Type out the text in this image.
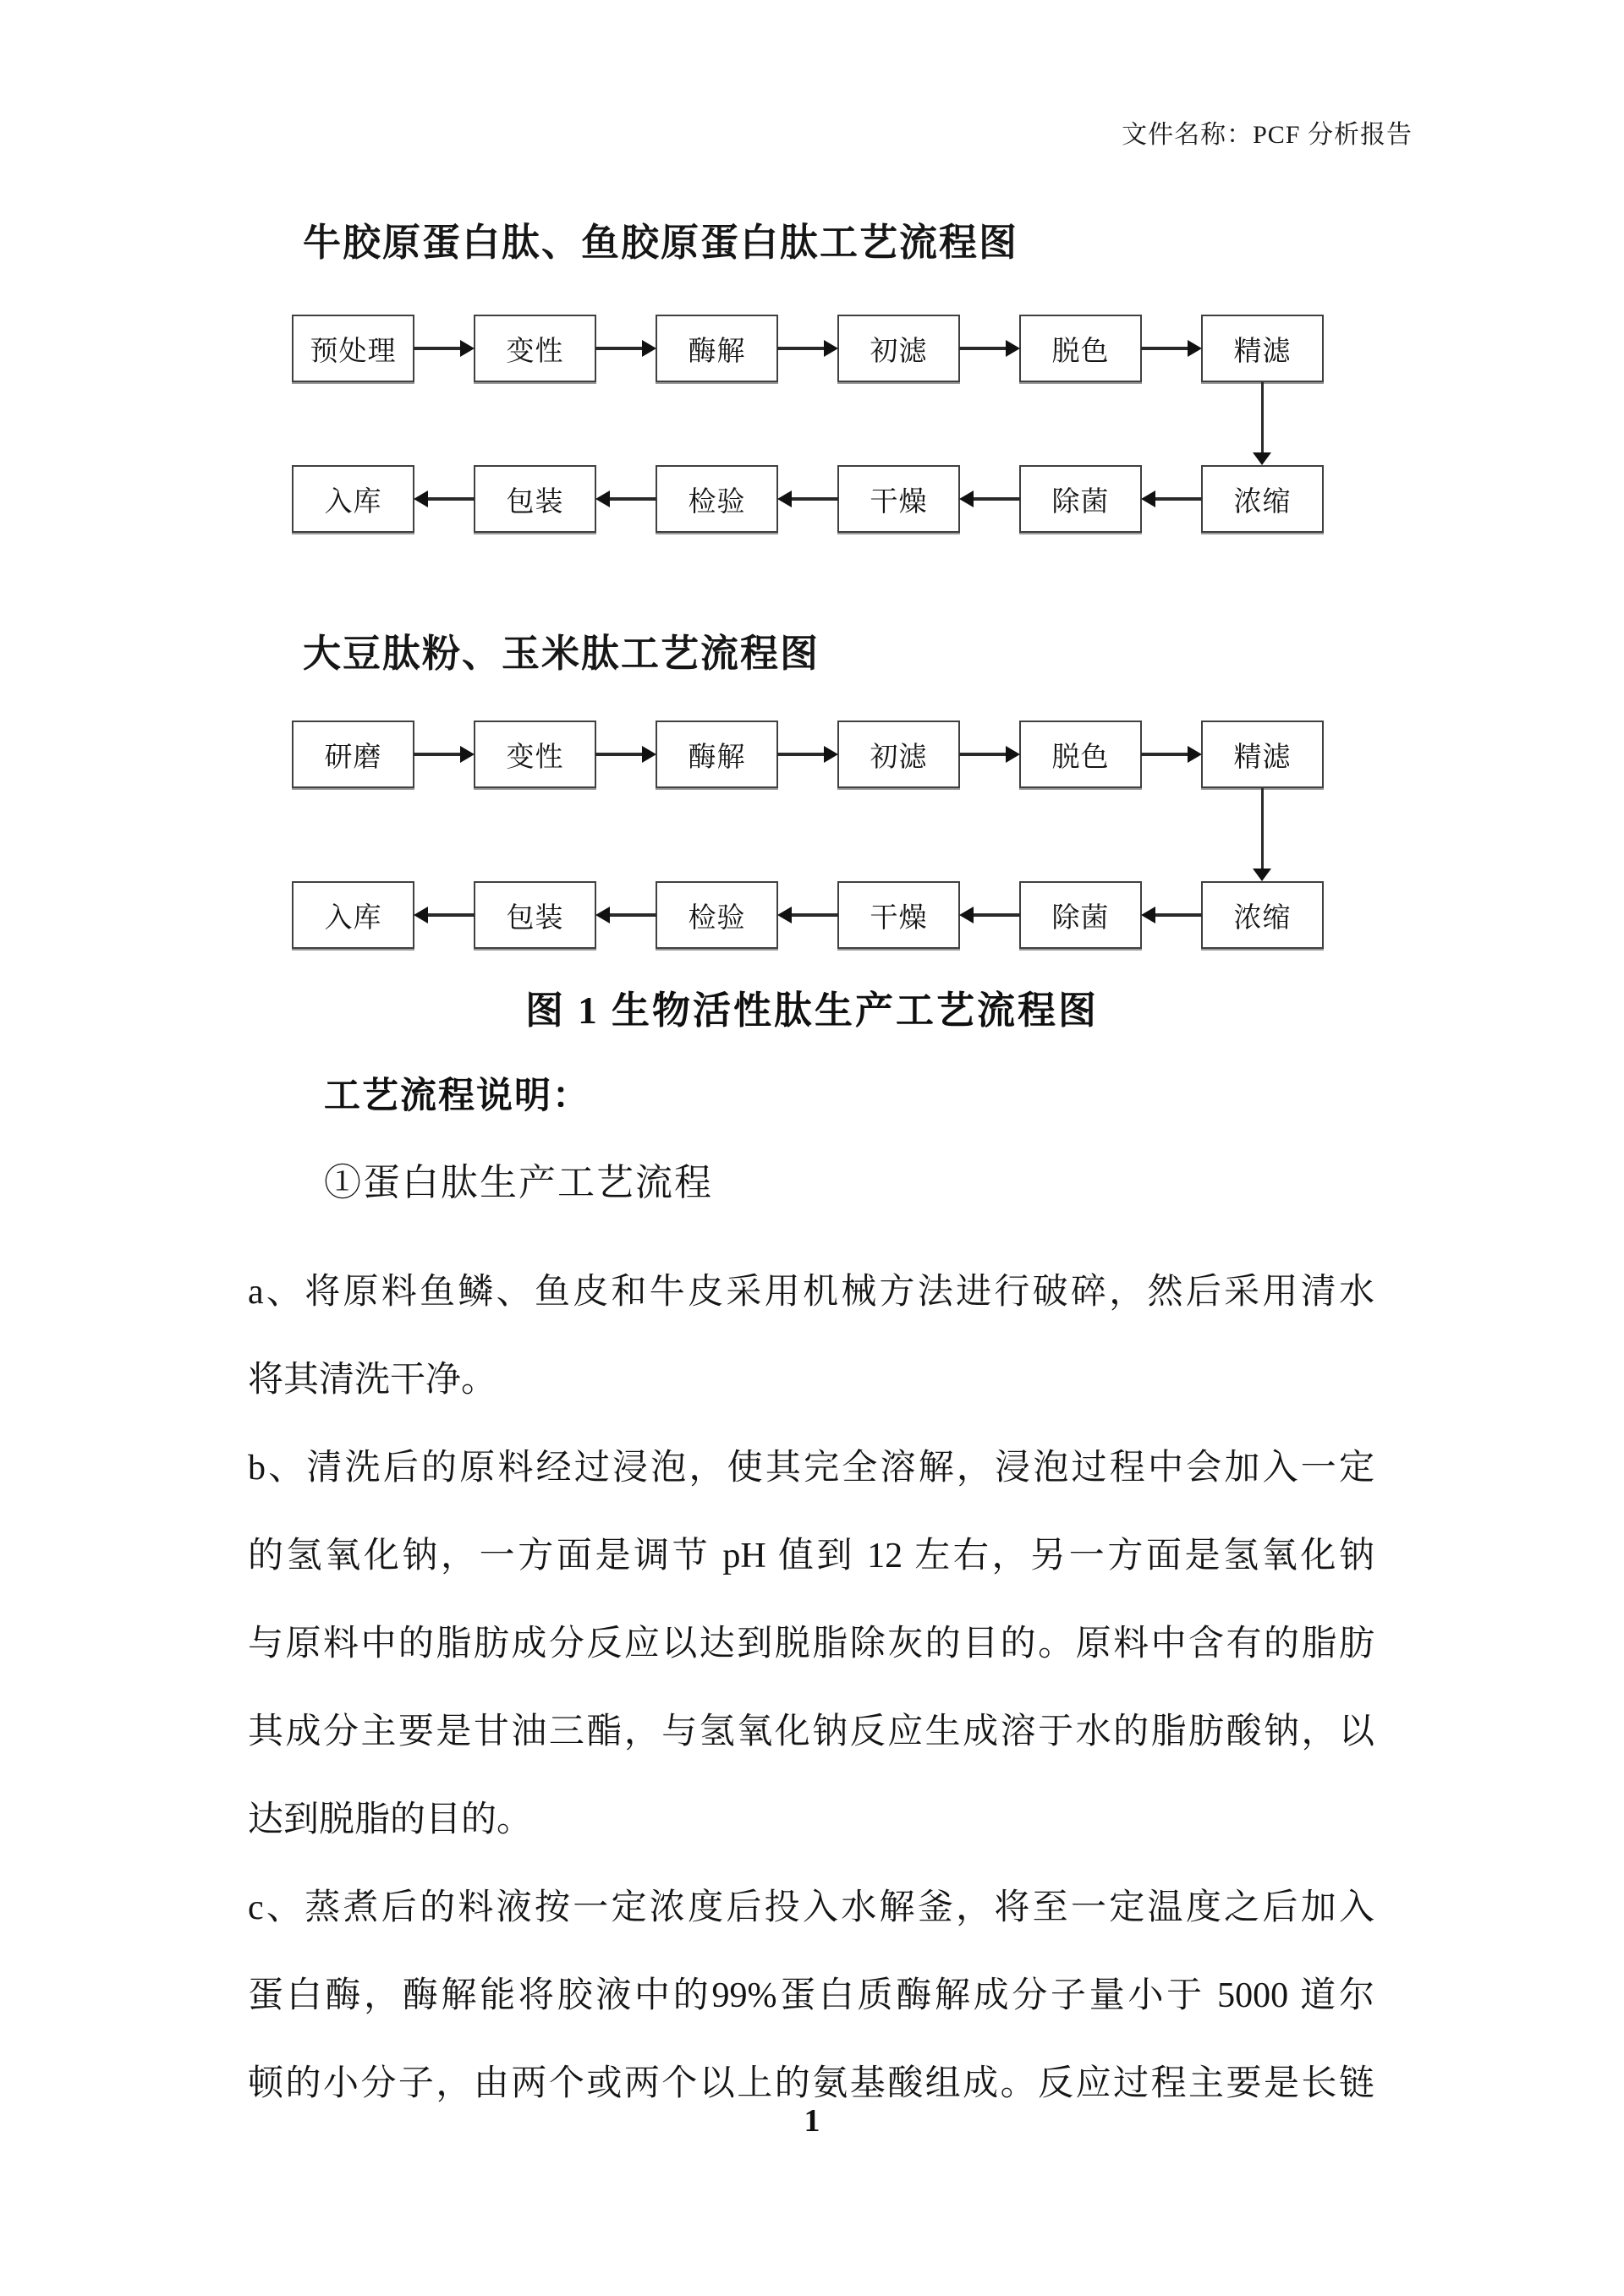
文件名称：PCF 分析报告
牛胶原蛋白肽、鱼胶原蛋白肽工艺流程图
预处理	变性	酶解	初滤	脱色	精滤
入库	包装	检验	干燥	除菌	浓缩
大豆肽粉、玉米肽工艺流程图
研磨	变性	酶解	初滤	脱色	精滤
入库	包装	检验	干燥	除菌	浓缩
图 1 生物活性肽生产工艺流程图
工艺流程说明：
①蛋白肽生产工艺流程
a、将原料鱼鳞、鱼皮和牛皮采用机械方法进行破碎，然后采用清水
将其清洗干净。
b、清洗后的原料经过浸泡，使其完全溶解，浸泡过程中会加入一定
的氢氧化钠，一方面是调节 pH 值到 12 左右，另一方面是氢氧化钠
与原料中的脂肪成分反应以达到脱脂除灰的目的。原料中含有的脂肪
其成分主要是甘油三酯，与氢氧化钠反应生成溶于水的脂肪酸钠，以
达到脱脂的目的。
c、蒸煮后的料液按一定浓度后投入水解釜，将至一定温度之后加入
蛋白酶，酶解能将胶液中的99%蛋白质酶解成分子量小于 5000 道尔
顿的小分子，由两个或两个以上的氨基酸组成。反应过程主要是长链
1
